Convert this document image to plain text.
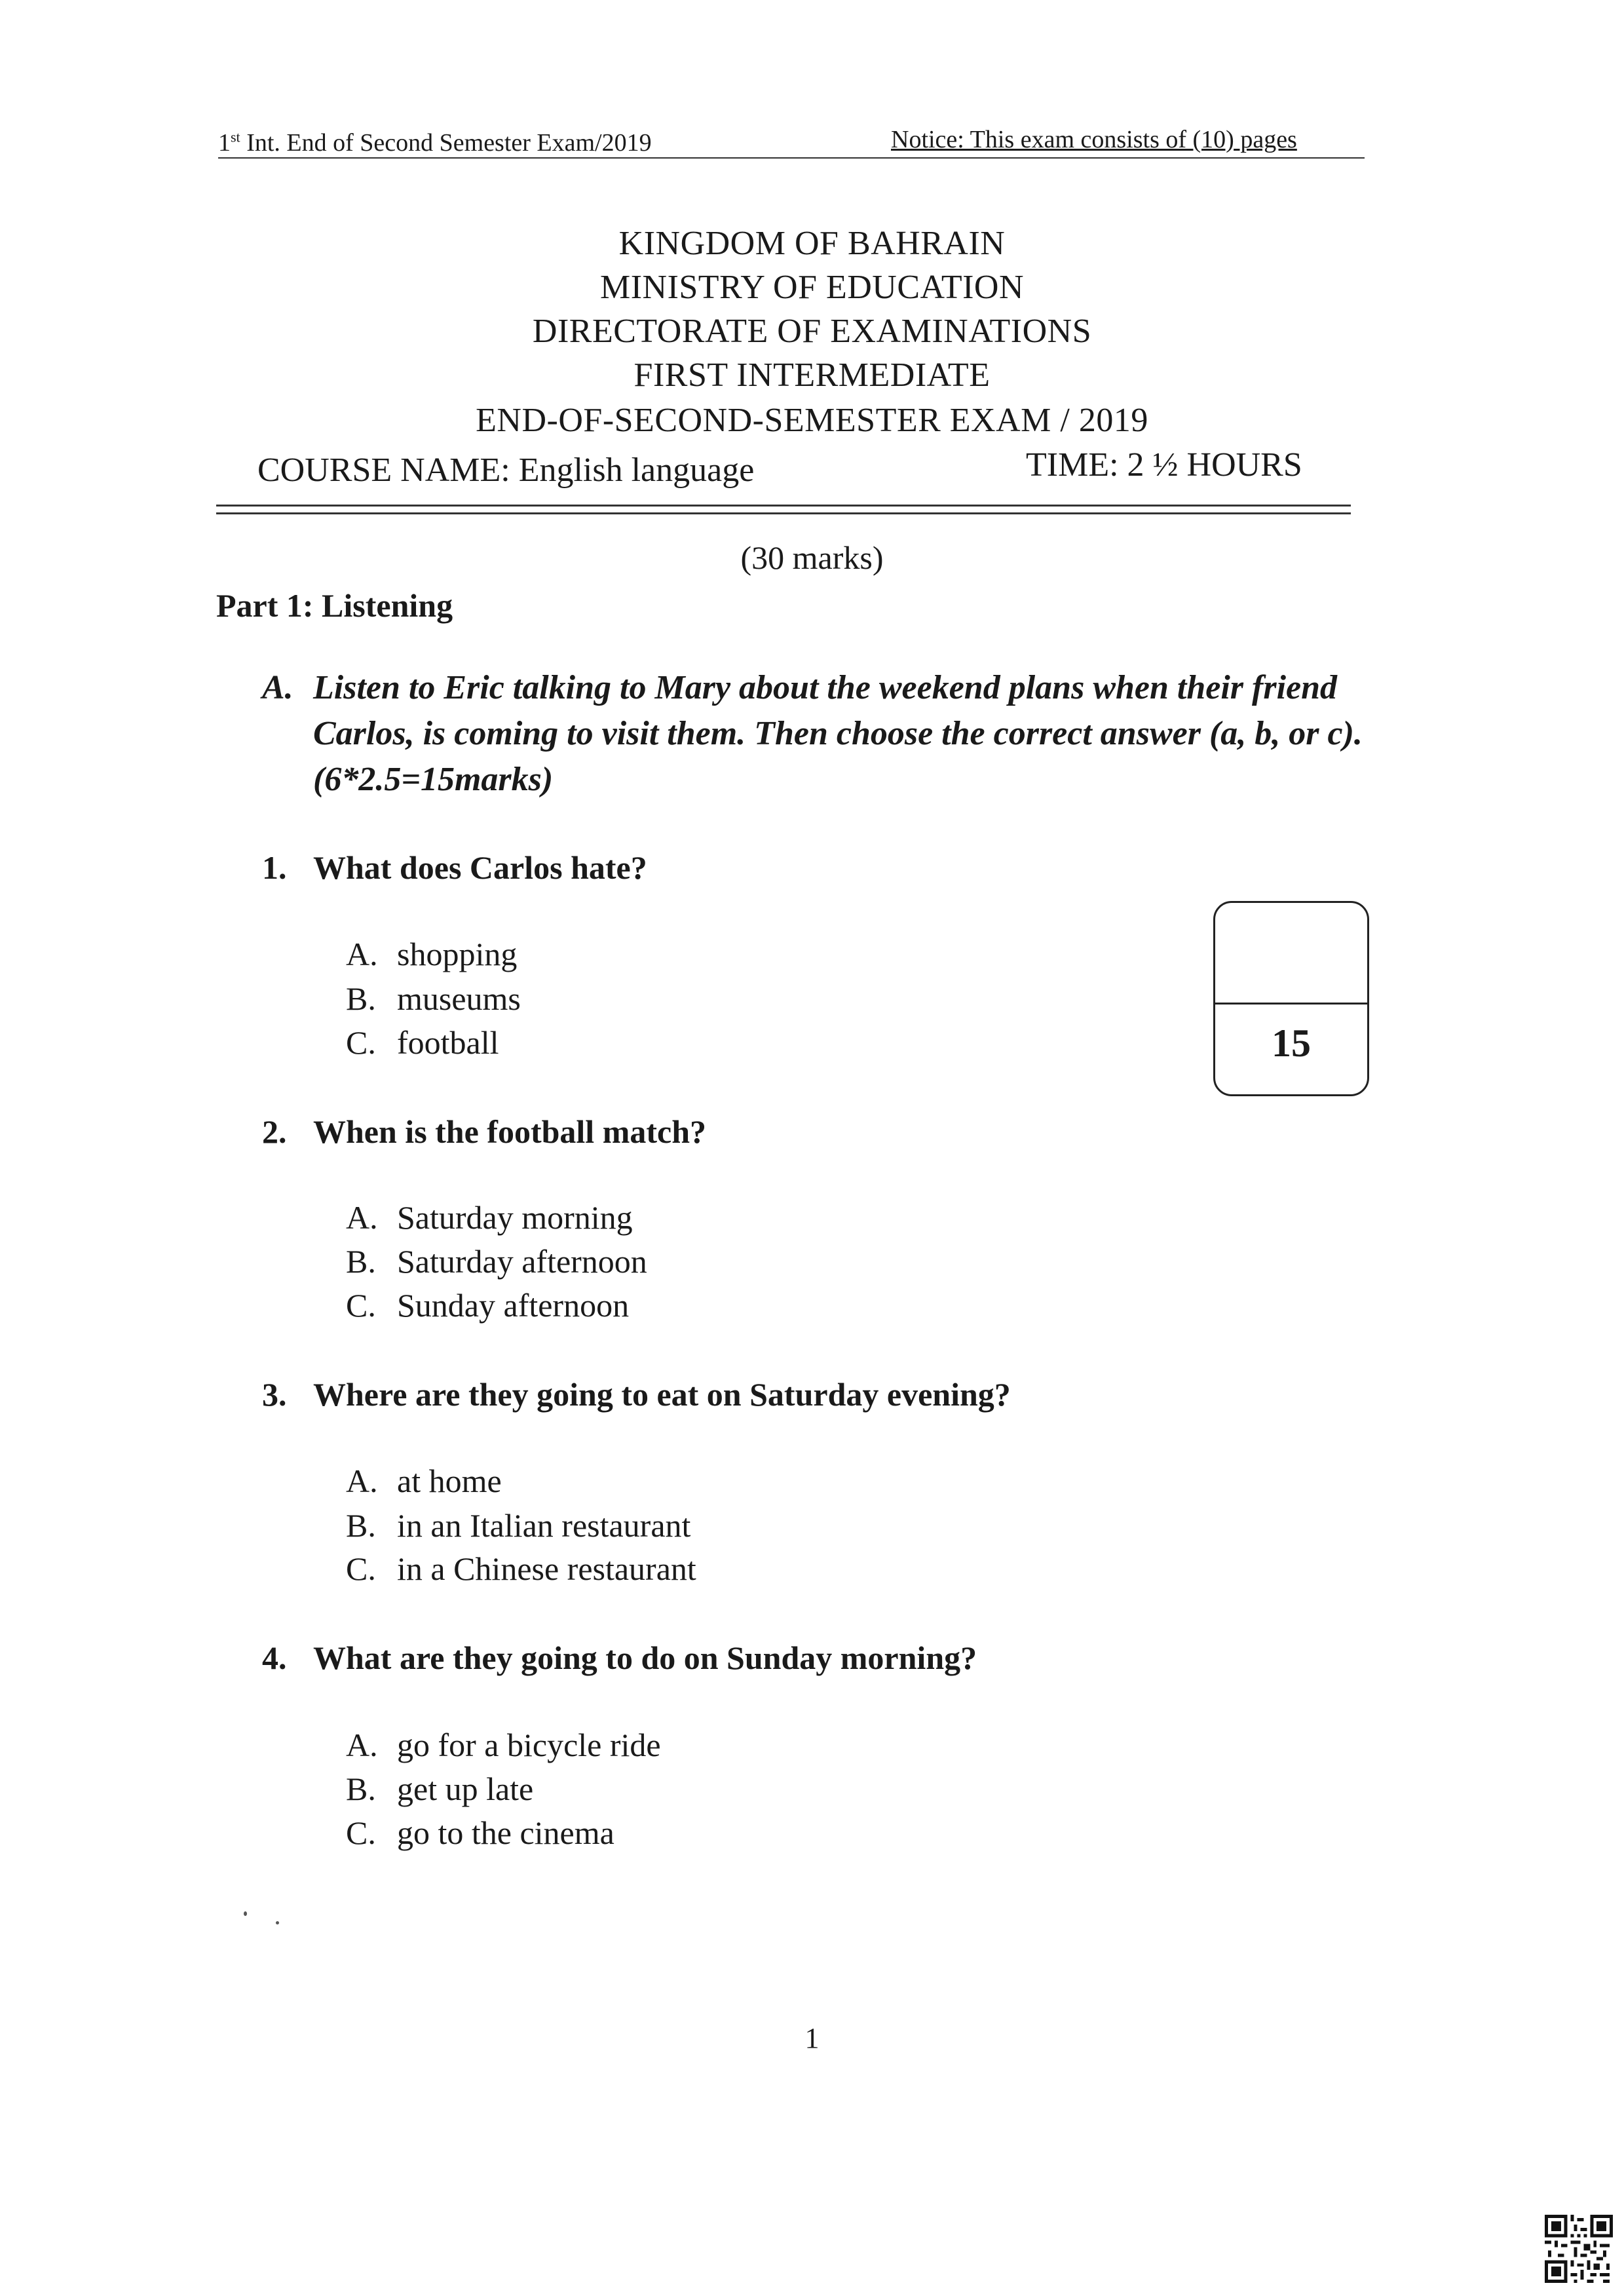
1st Int. End of Second Semester Exam/2019	Notice: This exam consists of (10) pages
KINGDOM OF BAHRAIN
MINISTRY OF EDUCATION
DIRECTORATE OF EXAMINATIONS
FIRST INTERMEDIATE
END-OF-SECOND-SEMESTER EXAM / 2019
COURSE NAME: English language	TIME: 2 ½ HOURS
(30 marks)
Part 1: Listening
A. Listen to Eric talking to Mary about the weekend plans when their friend Carlos, is coming to visit them. Then choose the correct answer (a, b, or c). (6*2.5=15marks)
1. What does Carlos hate?
A. shopping
B. museums
C. football	15
2. When is the football match?
A. Saturday morning
B. Saturday afternoon
C. Sunday afternoon
3. Where are they going to eat on Saturday evening?
A. at home
B. in an Italian restaurant
C. in a Chinese restaurant
4. What are they going to do on Sunday morning?
A. go for a bicycle ride
B. get up late
C. go to the cinema
1
